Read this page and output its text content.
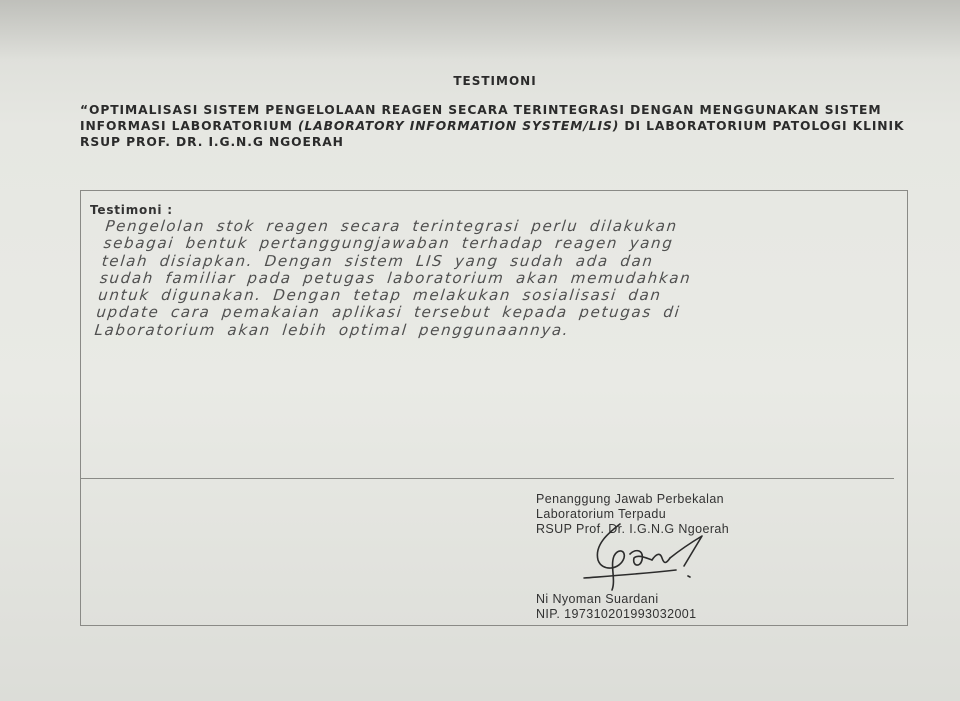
TESTIMONI
“OPTIMALISASI SISTEM PENGELOLAAN REAGEN SECARA TERINTEGRASI DENGAN MENGGUNAKAN SISTEM INFORMASI LABORATORIUM (LABORATORY INFORMATION SYSTEM/LIS) DI LABORATORIUM PATOLOGI KLINIK RSUP PROF. DR. I.G.N.G NGOERAH
Testimoni :
Pengelolan stok reagen secara terintegrasi perlu dilakukan
sebagai bentuk pertanggungjawaban terhadap reagen yang
telah disiapkan. Dengan sistem LIS yang sudah ada dan
sudah familiar pada petugas laboratorium akan memudahkan
untuk digunakan. Dengan tetap melakukan sosialisasi dan
update cara pemakaian aplikasi tersebut kepada petugas di
Laboratorium akan lebih optimal penggunaannya.
Penanggung Jawab Perbekalan
Laboratorium Terpadu
RSUP Prof. Dr. I.G.N.G Ngoerah
Ni Nyoman Suardani
NIP. 197310201993032001
